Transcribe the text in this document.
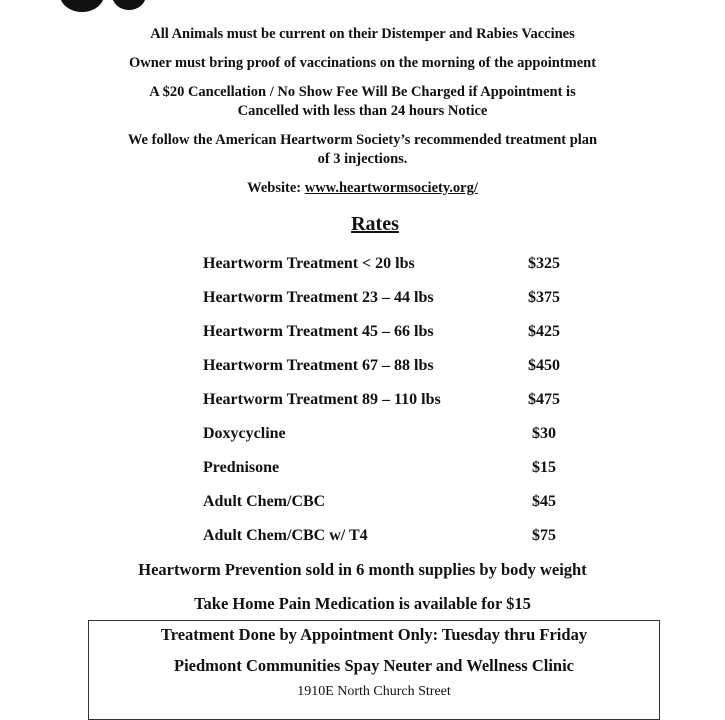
All Animals must be current on their Distemper and Rabies Vaccines
Owner must bring proof of vaccinations on the morning of the appointment
A $20 Cancellation / No Show Fee Will Be Charged if Appointment is
Cancelled with less than 24 hours Notice
We follow the American Heartworm Society’s recommended treatment plan
of 3 injections.
Website: www.heartwormsociety.org/
Rates
Heartworm Treatment < 20 lbs	$325
Heartworm Treatment 23 – 44 lbs	$375
Heartworm Treatment 45 – 66 lbs	$425
Heartworm Treatment 67 – 88 lbs	$450
Heartworm Treatment 89 – 110 lbs	$475
Doxycycline	$30
Prednisone	$15
Adult Chem/CBC	$45
Adult Chem/CBC w/ T4	$75
Heartworm Prevention sold in 6 month supplies by body weight
Take Home Pain Medication is available for $15
Treatment Done by Appointment Only: Tuesday thru Friday
Piedmont Communities Spay Neuter and Wellness Clinic
1910E North Church Street
